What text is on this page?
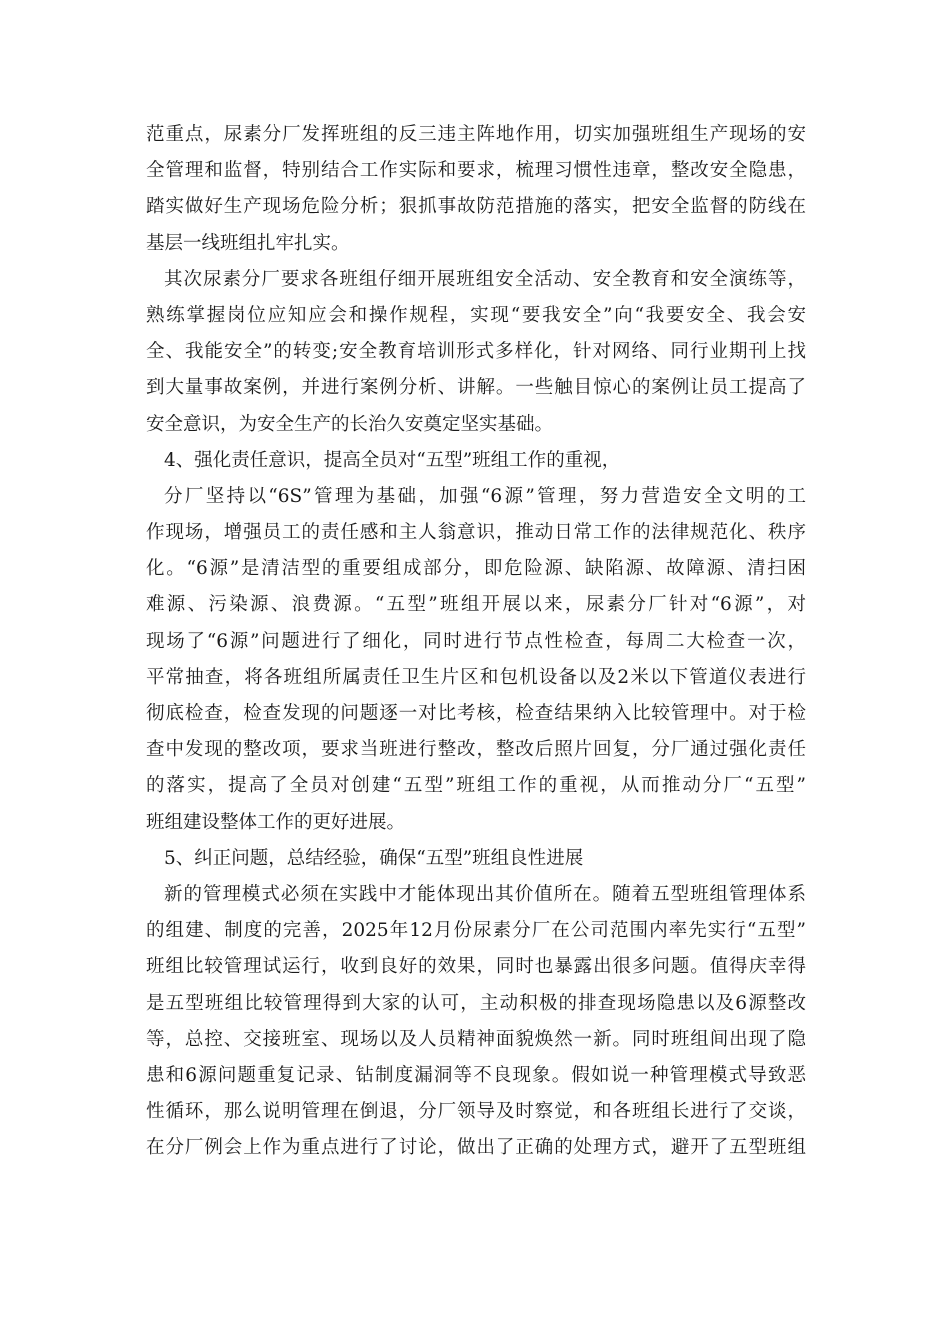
范重点，尿素分厂发挥班组的反三违主阵地作用，切实加强班组生产现场的安
全管理和监督，特别结合工作实际和要求，梳理习惯性违章，整改安全隐患，
踏实做好生产现场危险分析；狠抓事故防范措施的落实，把安全监督的防线在
基层一线班组扎牢扎实。
其次尿素分厂要求各班组仔细开展班组安全活动、安全教育和安全演练等，
熟练掌握岗位应知应会和操作规程，实现“要我安全”向“我要安全、我会安
全、我能安全”的转变;安全教育培训形式多样化，针对网络、同行业期刊上找
到大量事故案例，并进行案例分析、讲解。一些触目惊心的案例让员工提高了
安全意识，为安全生产的长治久安奠定坚实基础。
4、强化责任意识，提高全员对“五型”班组工作的重视，
分厂坚持以“6S”管理为基础，加强“6源”管理，努力营造安全文明的工
作现场，增强员工的责任感和主人翁意识，推动日常工作的法律规范化、秩序
化。“6源”是清洁型的重要组成部分，即危险源、缺陷源、故障源、清扫困
难源、污染源、浪费源。“五型”班组开展以来，尿素分厂针对“6源”，对
现场了“6源”问题进行了细化，同时进行节点性检查，每周二大检查一次，
平常抽查，将各班组所属责任卫生片区和包机设备以及2米以下管道仪表进行
彻底检查，检查发现的问题逐一对比考核，检查结果纳入比较管理中。对于检
查中发现的整改项，要求当班进行整改，整改后照片回复，分厂通过强化责任
的落实，提高了全员对创建“五型”班组工作的重视，从而推动分厂“五型”
班组建设整体工作的更好进展。
5、纠正问题，总结经验，确保“五型”班组良性进展
新的管理模式必须在实践中才能体现出其价值所在。随着五型班组管理体系
的组建、制度的完善，2025年12月份尿素分厂在公司范围内率先实行“五型”
班组比较管理试运行，收到良好的效果，同时也暴露出很多问题。值得庆幸得
是五型班组比较管理得到大家的认可，主动积极的排查现场隐患以及6源整改
等，总控、交接班室、现场以及人员精神面貌焕然一新。同时班组间出现了隐
患和6源问题重复记录、钻制度漏洞等不良现象。假如说一种管理模式导致恶
性循环，那么说明管理在倒退，分厂领导及时察觉，和各班组长进行了交谈，
在分厂例会上作为重点进行了讨论，做出了正确的处理方式，避开了五型班组
